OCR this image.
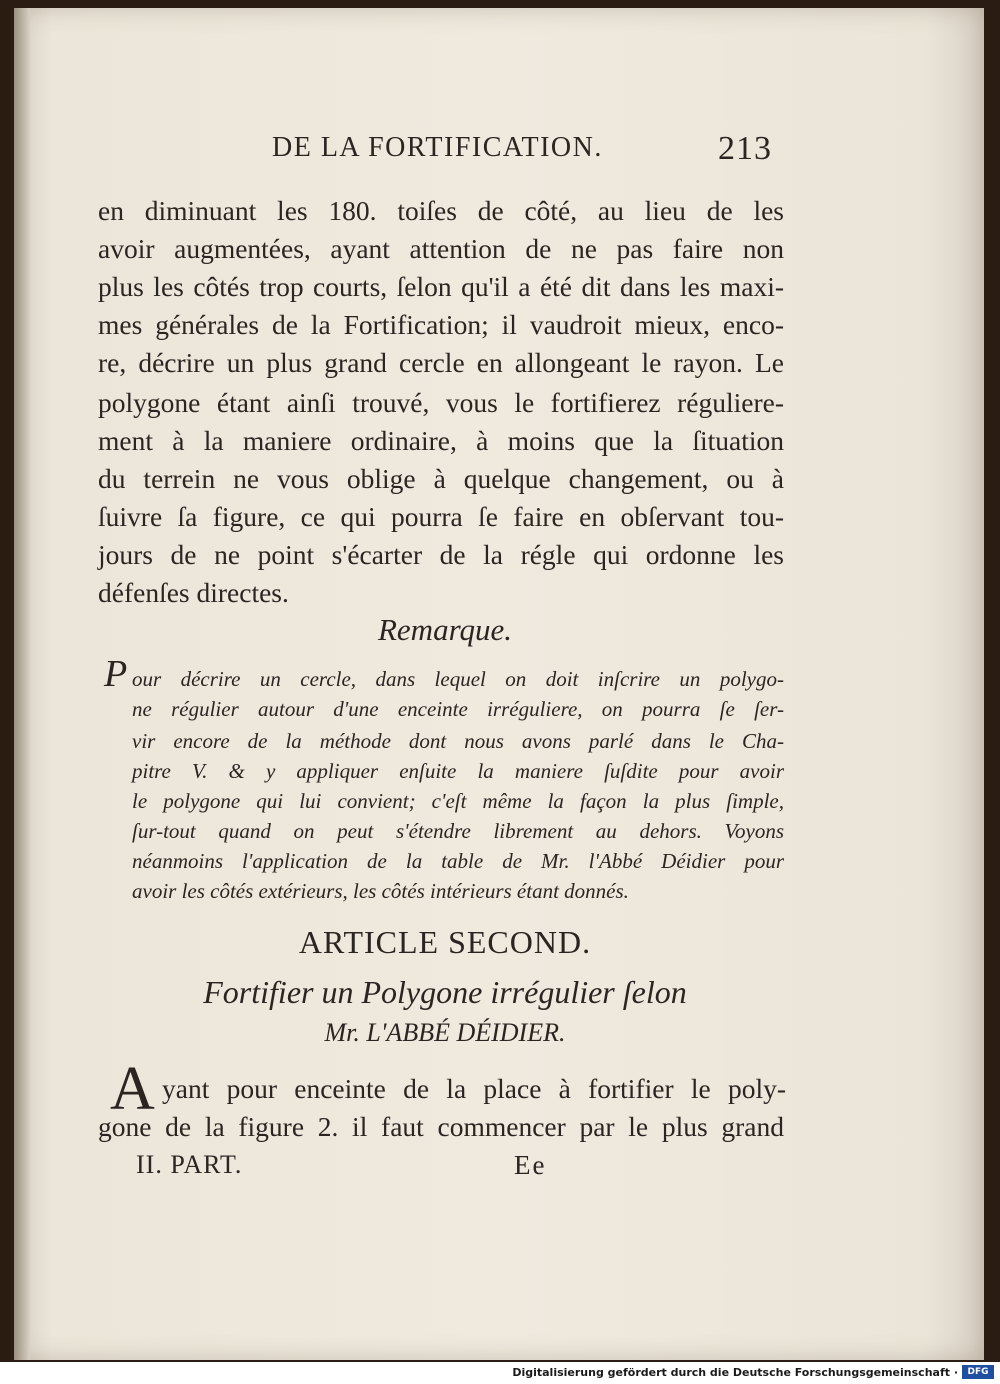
DE LA FORTIFICATION.	213
en diminuant les 180. toiſes de côté, au lieu de les
avoir augmentées, ayant attention de ne pas faire non
plus les côtés trop courts, ſelon qu'il a été dit dans les maxi-
mes générales de la Fortification; il vaudroit mieux, enco-
re, décrire un plus grand cercle en allongeant le rayon. Le
polygone étant ainſi trouvé, vous le fortifierez réguliere-
ment à la maniere ordinaire, à moins que la ſituation
du terrein ne vous oblige à quelque changement, ou à
ſuivre ſa figure, ce qui pourra ſe faire en obſervant tou-
jours de ne point s'écarter de la régle qui ordonne les
défenſes directes.
Remarque.
P our décrire un cercle, dans lequel on doit inſcrire un polygo-
ne régulier autour d'une enceinte irréguliere, on pourra ſe ſer-
vir encore de la méthode dont nous avons parlé dans le Cha-
pitre V. & y appliquer enſuite la maniere ſuſdite pour avoir
le polygone qui lui convient; c'eſt même la façon la plus ſimple,
ſur-tout quand on peut s'étendre librement au dehors. Voyons
néanmoins l'application de la table de Mr. l'Abbé Déidier pour
avoir les côtés extérieurs, les côtés intérieurs étant donnés.
ARTICLE SECOND.
Fortifier un Polygone irrégulier ſelon
Mr. L'ABBÉ DÉIDIER.
A yant pour enceinte de la place à fortifier le poly-
gone de la figure 2. il faut commencer par le plus grand
II. PART.	Ee
Digitalisierung gefördert durch die Deutsche Forschungsgemeinschaft ·	DFG
